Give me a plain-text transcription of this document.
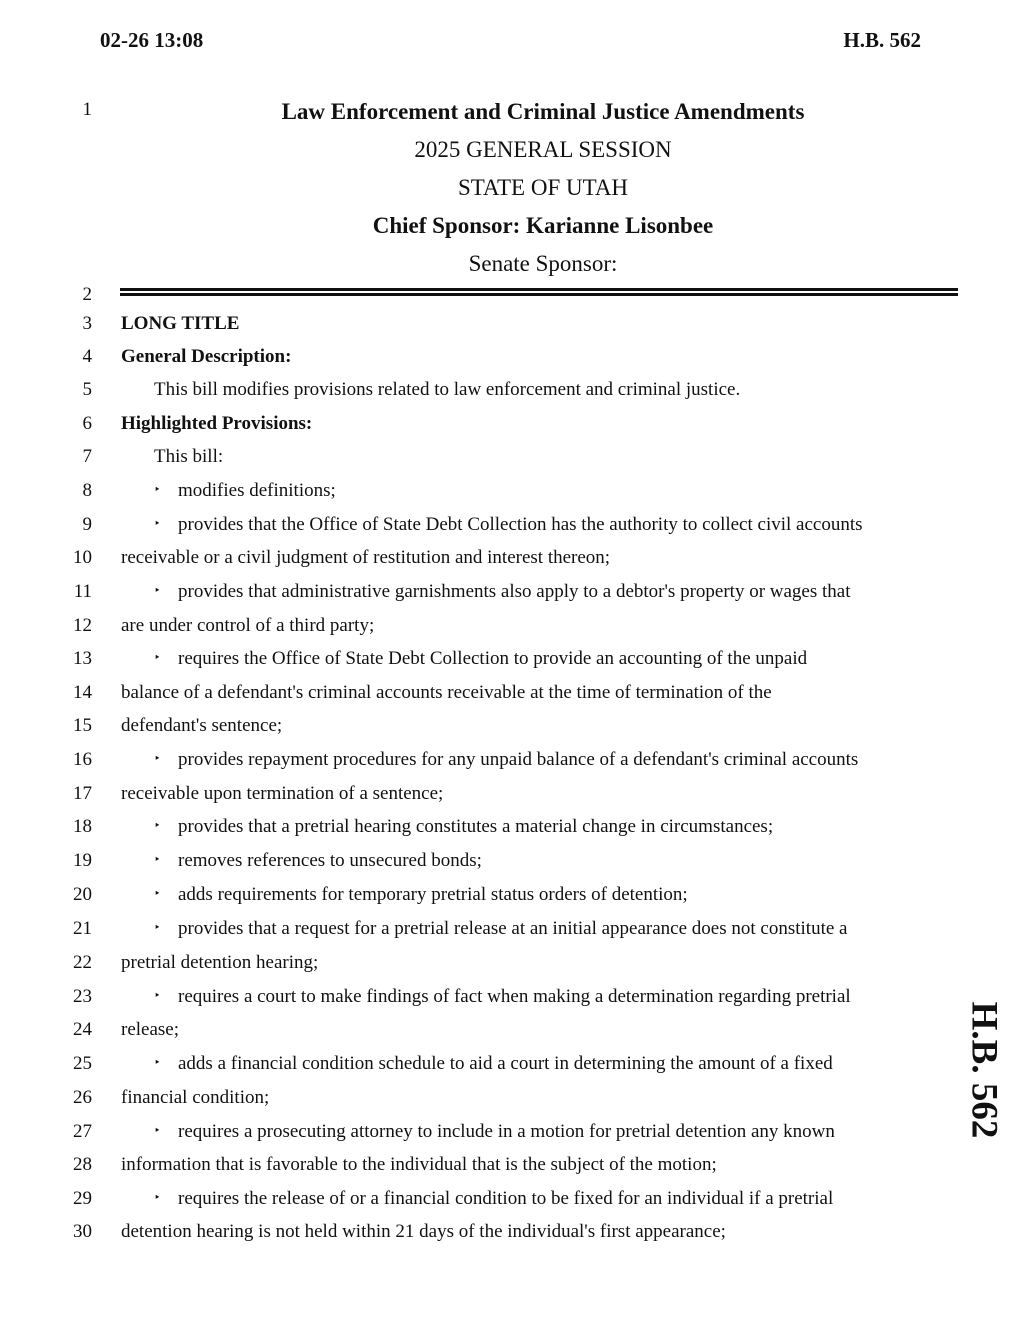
02-26 13:08	H.B. 562
Law Enforcement and Criminal Justice Amendments
2025 GENERAL SESSION
STATE OF UTAH
Chief Sponsor: Karianne Lisonbee
Senate Sponsor:
1
2
3
4
5
6
7
8
9
10
11
12
13
14
15
16
17
18
19
20
21
22
23
24
25
26
27
28
29
30
LONG TITLE
General Description:
This bill modifies provisions related to law enforcement and criminal justice.
Highlighted Provisions:
This bill:
‣ modifies definitions;
‣ provides that the Office of State Debt Collection has the authority to collect civil accounts
receivable or a civil judgment of restitution and interest thereon;
‣ provides that administrative garnishments also apply to a debtor's property or wages that
are under control of a third party;
‣ requires the Office of State Debt Collection to provide an accounting of the unpaid
balance of a defendant's criminal accounts receivable at the time of termination of the
defendant's sentence;
‣ provides repayment procedures for any unpaid balance of a defendant's criminal accounts
receivable upon termination of a sentence;
‣ provides that a pretrial hearing constitutes a material change in circumstances;
‣ removes references to unsecured bonds;
‣ adds requirements for temporary pretrial status orders of detention;
‣ provides that a request for a pretrial release at an initial appearance does not constitute a
pretrial detention hearing;
‣ requires a court to make findings of fact when making a determination regarding pretrial
release;
‣ adds a financial condition schedule to aid a court in determining the amount of a fixed
financial condition;
‣ requires a prosecuting attorney to include in a motion for pretrial detention any known
information that is favorable to the individual that is the subject of the motion;
‣ requires the release of or a financial condition to be fixed for an individual if a pretrial
detention hearing is not held within 21 days of the individual's first appearance;
H.B. 562
